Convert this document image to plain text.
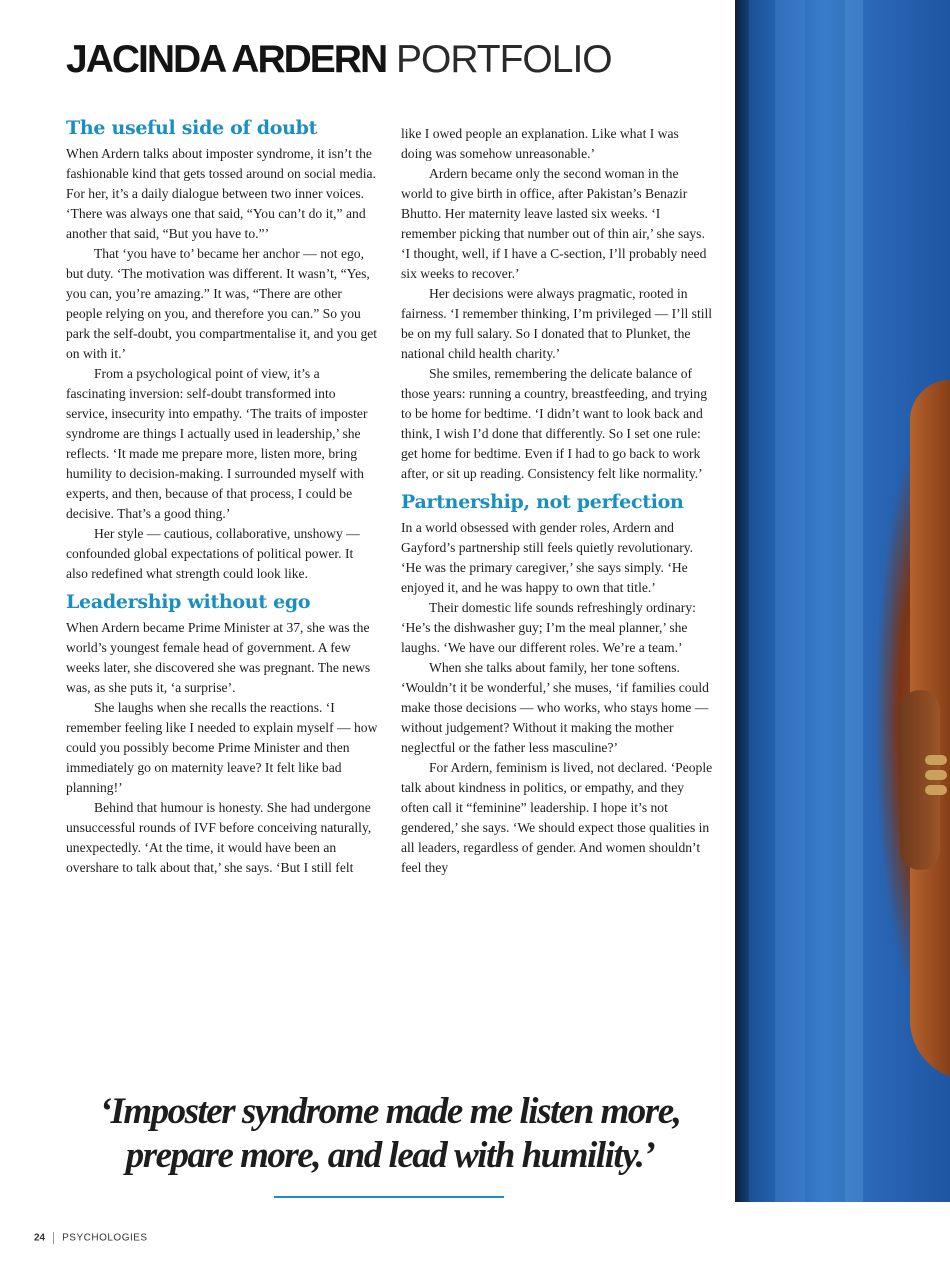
JACINDA ARDERN PORTFOLIO
The useful side of doubt

When Ardern talks about imposter syndrome, it isn’t the fashionable kind that gets tossed around on social media. For her, it’s a daily dialogue between two inner voices. ‘There was always one that said, “You can’t do it,” and another that said, “But you have to.”’

That ‘you have to’ became her anchor — not ego, but duty. ‘The motivation was different. It wasn’t, “Yes, you can, you’re amazing.” It was, “There are other people relying on you, and therefore you can.” So you park the self-doubt, you compartmentalise it, and you get on with it.’

From a psychological point of view, it’s a fascinating inversion: self-doubt transformed into service, insecurity into empathy. ‘The traits of imposter syndrome are things I actually used in leadership,’ she reflects. ‘It made me prepare more, listen more, bring humility to decision-making. I surrounded myself with experts, and then, because of that process, I could be decisive. That’s a good thing.’

Her style — cautious, collaborative, unshowy — confounded global expectations of political power. It also redefined what strength could look like.

Leadership without ego

When Ardern became Prime Minister at 37, she was the world’s youngest female head of government. A few weeks later, she discovered she was pregnant. The news was, as she puts it, ‘a surprise’.

She laughs when she recalls the reactions. ‘I remember feeling like I needed to explain myself — how could you possibly become Prime Minister and then immediately go on maternity leave? It felt like bad planning!’

Behind that humour is honesty. She had undergone unsuccessful rounds of IVF before conceiving naturally, unexpectedly. ‘At the time, it would have been an overshare to talk about that,’ she says. ‘But I still felt

like I owed people an explanation. Like what I was doing was somehow unreasonable.’

Ardern became only the second woman in the world to give birth in office, after Pakistan’s Benazir Bhutto. Her maternity leave lasted six weeks. ‘I remember picking that number out of thin air,’ she says. ‘I thought, well, if I have a C-section, I’ll probably need six weeks to recover.’

Her decisions were always pragmatic, rooted in fairness. ‘I remember thinking, I’m privileged — I’ll still be on my full salary. So I donated that to Plunket, the national child health charity.’

She smiles, remembering the delicate balance of those years: running a country, breastfeeding, and trying to be home for bedtime. ‘I didn’t want to look back and think, I wish I’d done that differently. So I set one rule: get home for bedtime. Even if I had to go back to work after, or sit up reading. Consistency felt like normality.’

Partnership, not perfection

In a world obsessed with gender roles, Ardern and Gayford’s partnership still feels quietly revolutionary. ‘He was the primary caregiver,’ she says simply. ‘He enjoyed it, and he was happy to own that title.’

Their domestic life sounds refreshingly ordinary: ‘He’s the dishwasher guy; I’m the meal planner,’ she laughs. ‘We have our different roles. We’re a team.’

When she talks about family, her tone softens. ‘Wouldn’t it be wonderful,’ she muses, ‘if families could make those decisions — who works, who stays home — without judgement? Without it making the mother neglectful or the father less masculine?’

For Ardern, feminism is lived, not declared. ‘People talk about kindness in politics, or empathy, and they often call it “feminine” leadership. I hope it’s not gendered,’ she says. ‘We should expect those qualities in all leaders, regardless of gender. And women shouldn’t feel they

‘Imposter syndrome made me listen more, prepare more, and lead with humility.’
24 PSYCHOLOGIES
